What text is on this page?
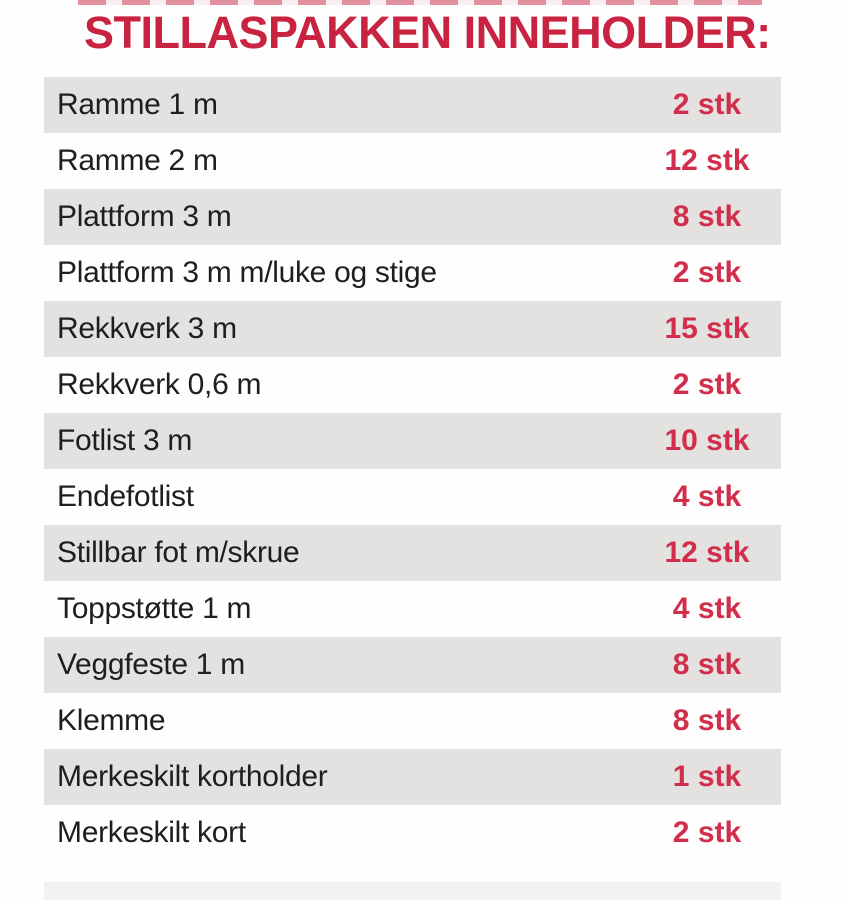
STILLASPAKKEN INNEHOLDER:
Ramme 1 m	2 stk
Ramme 2 m	12 stk
Plattform 3 m	8 stk
Plattform 3 m m/luke og stige	2 stk
Rekkverk 3 m	15 stk
Rekkverk 0,6 m	2 stk
Fotlist 3 m	10 stk
Endefotlist	4 stk
Stillbar fot m/skrue	12 stk
Toppstøtte 1 m	4 stk
Veggfeste 1 m	8 stk
Klemme	8 stk
Merkeskilt kortholder	1 stk
Merkeskilt kort	2 stk
